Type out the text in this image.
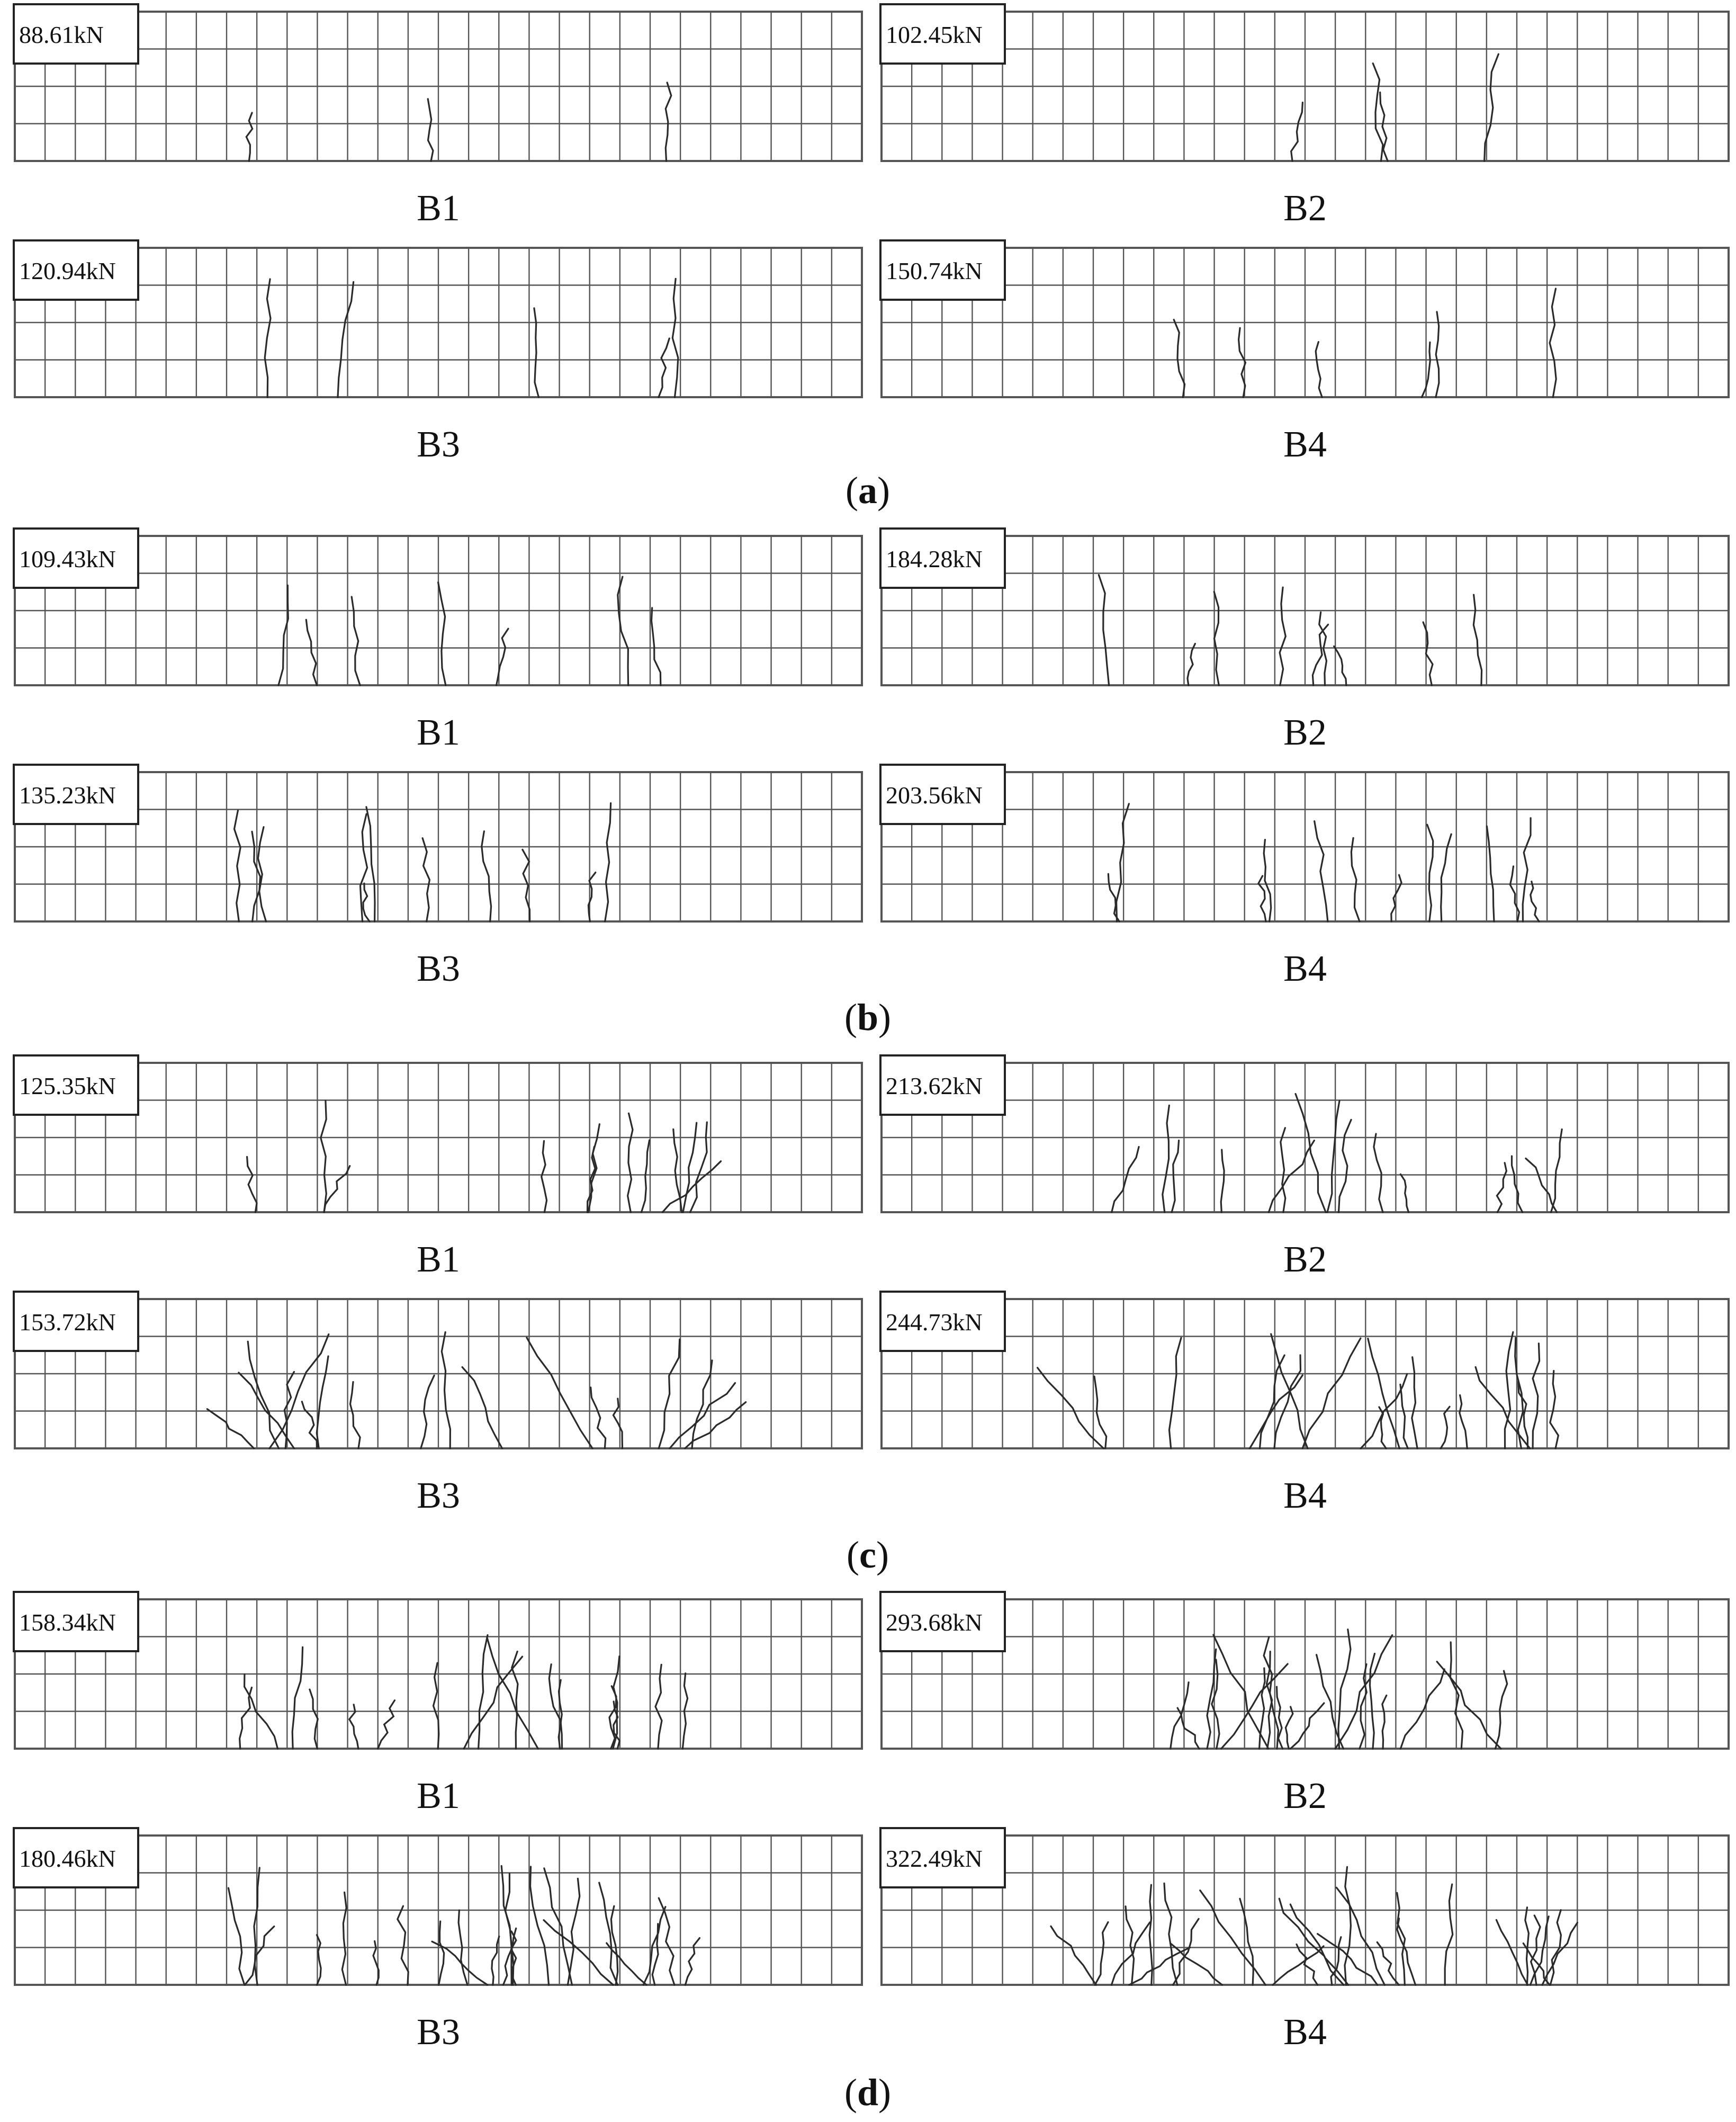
88.61kN
B1
102.45kN
B2
120.94kN
B3
150.74kN
B4
(a)
109.43kN
B1
184.28kN
B2
135.23kN
B3
203.56kN
B4
(b)
125.35kN
B1
213.62kN
B2
153.72kN
B3
244.73kN
B4
(c)
158.34kN
B1
293.68kN
B2
180.46kN
B3
322.49kN
B4
(d)
